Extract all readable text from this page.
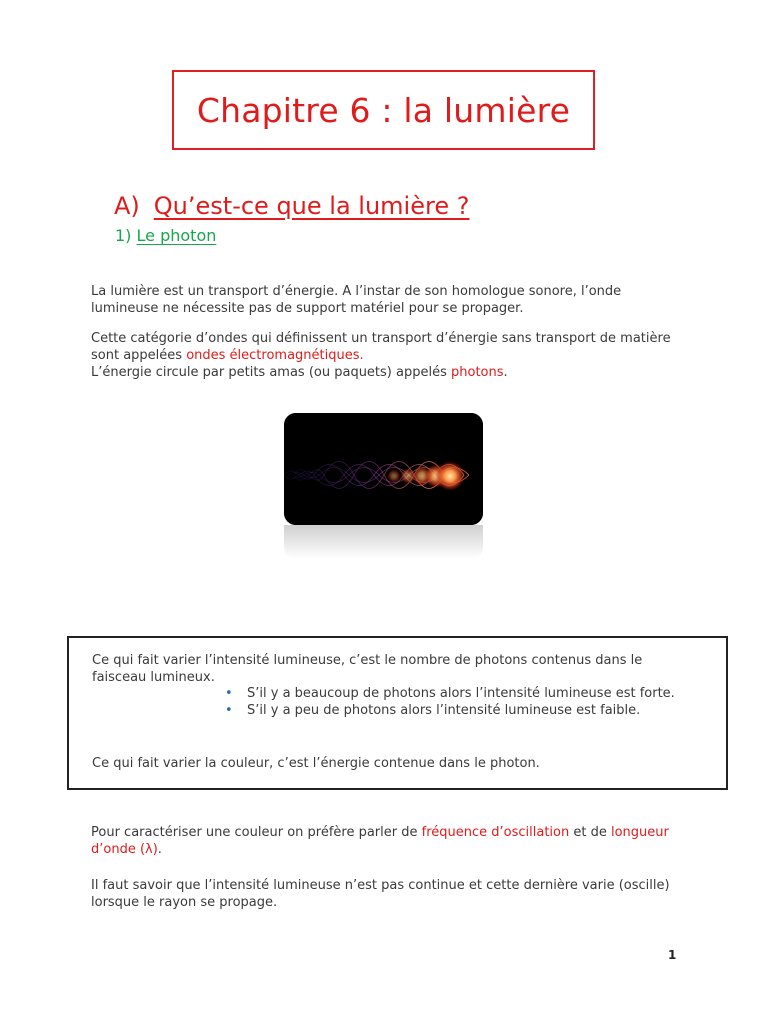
Chapitre 6 : la lumière
A) Qu’est-ce que la lumière ?
1) Le photon

La lumière est un transport d’énergie. A l’instar de son homologue sonore, l’onde lumineuse ne nécessite pas de support matériel pour se propager.

Cette catégorie d’ondes qui définissent un transport d’énergie sans transport de matière sont appelées ondes électromagnétiques.

L’énergie circule par petits amas (ou paquets) appelés photons.

Ce qui fait varier l’intensité lumineuse, c’est le nombre de photons contenus dans le faisceau lumineux.

• S’il y a beaucoup de photons alors l’intensité lumineuse est forte.
• S’il y a peu de photons alors l’intensité lumineuse est faible.

Ce qui fait varier la couleur, c’est l’énergie contenue dans le photon.

Pour caractériser une couleur on préfère parler de fréquence d’oscillation et de longueur d’onde (λ).

Il faut savoir que l’intensité lumineuse n’est pas continue et cette dernière varie (oscille) lorsque le rayon se propage.

1
